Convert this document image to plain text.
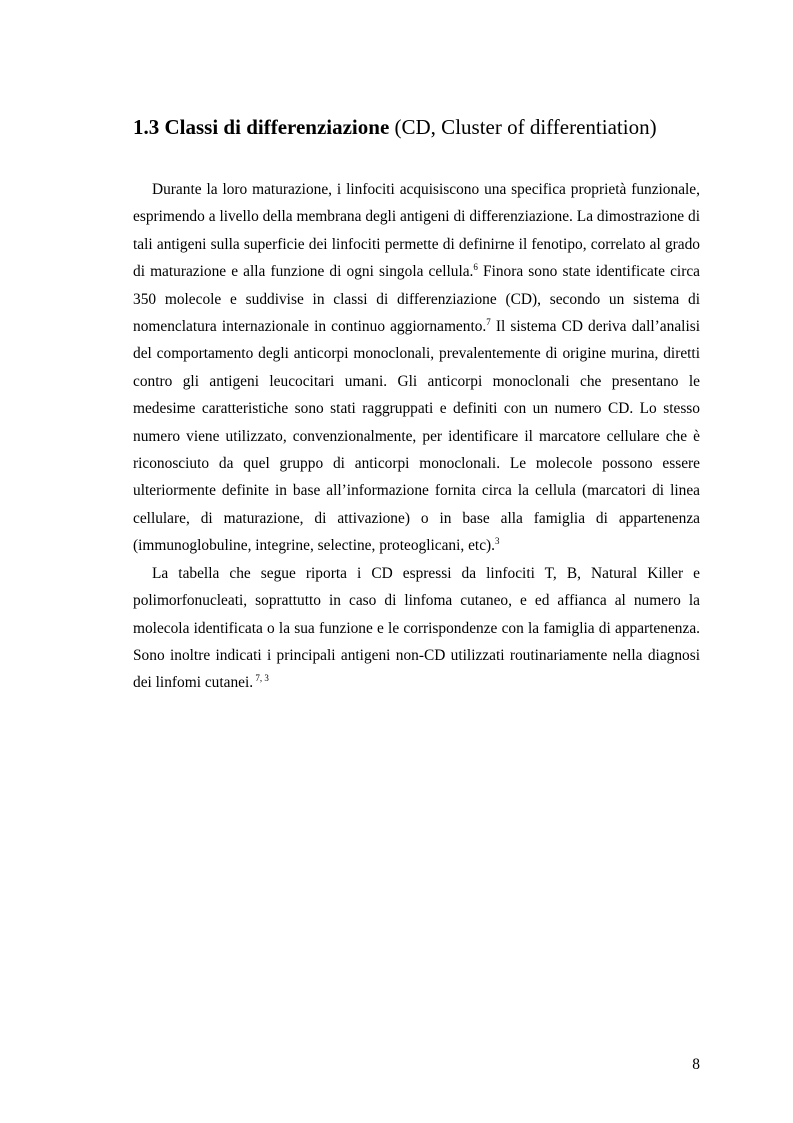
1.3 Classi di differenziazione (CD, Cluster of differentiation)

Durante la loro maturazione, i linfociti acquisiscono una specifica proprietà funzionale, esprimendo a livello della membrana degli antigeni di differenziazione. La dimostrazione di tali antigeni sulla superficie dei linfociti permette di definirne il fenotipo, correlato al grado di maturazione e alla funzione di ogni singola cellula.$^6$ Finora sono state identificate circa 350 molecole e suddivise in classi di differenziazione (CD), secondo un sistema di nomenclatura internazionale in continuo aggiornamento.$^7$ Il sistema CD deriva dall’analisi del comportamento degli anticorpi monoclonali, prevalentemente di origine murina, diretti contro gli antigeni leucocitari umani. Gli anticorpi monoclonali che presentano le medesime caratteristiche sono stati raggruppati e definiti con un numero CD. Lo stesso numero viene utilizzato, convenzionalmente, per identificare il marcatore cellulare che è riconosciuto da quel gruppo di anticorpi monoclonali. Le molecole possono essere ulteriormente definite in base all’informazione fornita circa la cellula (marcatori di linea cellulare, di maturazione, di attivazione) o in base alla famiglia di appartenenza (immunoglobuline, integrine, selectine, proteoglicani, etc).$^3$

La tabella che segue riporta i CD espressi da linfociti T, B, Natural Killer e polimorfonucleati, soprattutto in caso di linfoma cutaneo, e ed affianca al numero la molecola identificata o la sua funzione e le corrispondenze con la famiglia di appartenenza. Sono inoltre indicati i principali antigeni non-CD utilizzati routinariamente nella diagnosi dei linfomi cutanei. $^{7, 3}$

8
